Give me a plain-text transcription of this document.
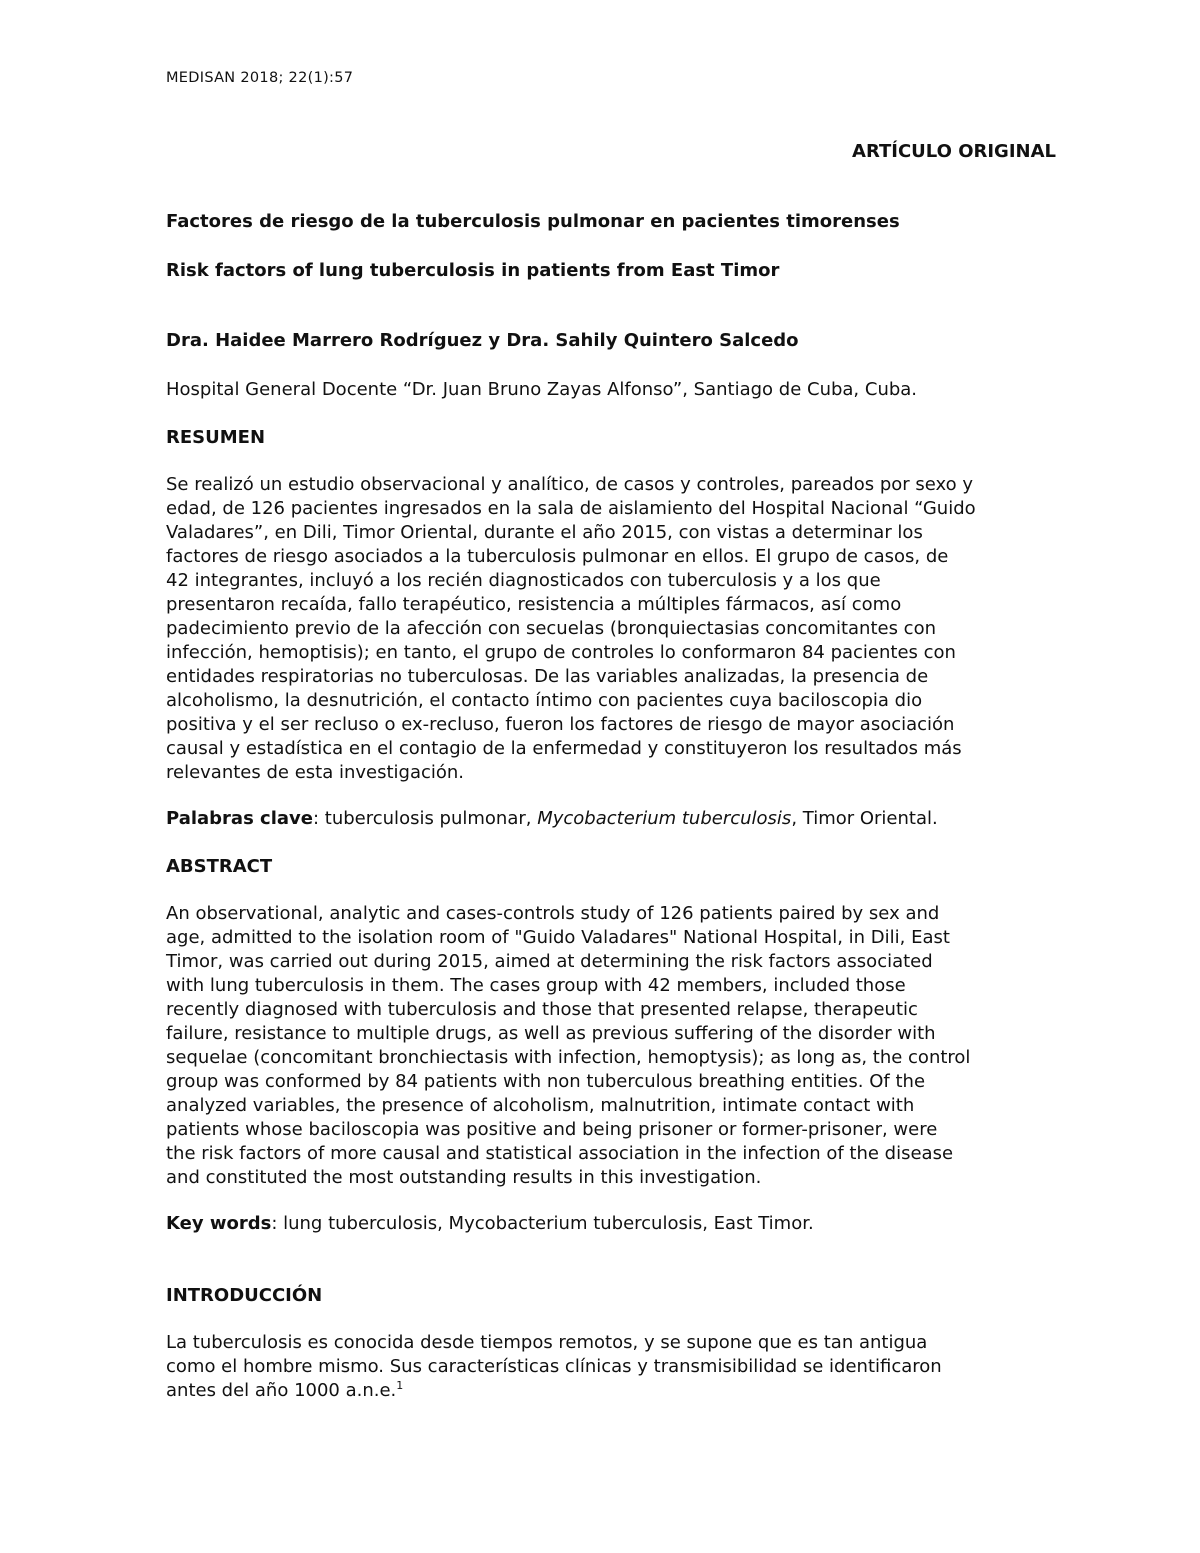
MEDISAN 2018; 22(1):57
ARTÍCULO ORIGINAL
Factores de riesgo de la tuberculosis pulmonar en pacientes timorenses
Risk factors of lung tuberculosis in patients from East Timor
Dra. Haidee Marrero Rodríguez y Dra. Sahily Quintero Salcedo
Hospital General Docente “Dr. Juan Bruno Zayas Alfonso”, Santiago de Cuba, Cuba.
RESUMEN
Se realizó un estudio observacional y analítico, de casos y controles, pareados por sexo y
edad, de 126 pacientes ingresados en la sala de aislamiento del Hospital Nacional “Guido
Valadares”, en Dili, Timor Oriental, durante el año 2015, con vistas a determinar los
factores de riesgo asociados a la tuberculosis pulmonar en ellos. El grupo de casos, de
42 integrantes, incluyó a los recién diagnosticados con tuberculosis y a los que
presentaron recaída, fallo terapéutico, resistencia a múltiples fármacos, así como
padecimiento previo de la afección con secuelas (bronquiectasias concomitantes con
infección, hemoptisis); en tanto, el grupo de controles lo conformaron 84 pacientes con
entidades respiratorias no tuberculosas. De las variables analizadas, la presencia de
alcoholismo, la desnutrición, el contacto íntimo con pacientes cuya baciloscopia dio
positiva y el ser recluso o ex-recluso, fueron los factores de riesgo de mayor asociación
causal y estadística en el contagio de la enfermedad y constituyeron los resultados más
relevantes de esta investigación.
Palabras clave: tuberculosis pulmonar, Mycobacterium tuberculosis, Timor Oriental.
ABSTRACT
An observational, analytic and cases-controls study of 126 patients paired by sex and
age, admitted to the isolation room of "Guido Valadares" National Hospital, in Dili, East
Timor, was carried out during 2015, aimed at determining the risk factors associated
with lung tuberculosis in them. The cases group with 42 members, included those
recently diagnosed with tuberculosis and those that presented relapse, therapeutic
failure, resistance to multiple drugs, as well as previous suffering of the disorder with
sequelae (concomitant bronchiectasis with infection, hemoptysis); as long as, the control
group was conformed by 84 patients with non tuberculous breathing entities. Of the
analyzed variables, the presence of alcoholism, malnutrition, intimate contact with
patients whose baciloscopia was positive and being prisoner or former-prisoner, were
the risk factors of more causal and statistical association in the infection of the disease
and constituted the most outstanding results in this investigation.
Key words: lung tuberculosis, Mycobacterium tuberculosis, East Timor.
INTRODUCCIÓN
La tuberculosis es conocida desde tiempos remotos, y se supone que es tan antigua
como el hombre mismo. Sus características clínicas y transmisibilidad se identificaron
antes del año 1000 a.n.e.$^1$
